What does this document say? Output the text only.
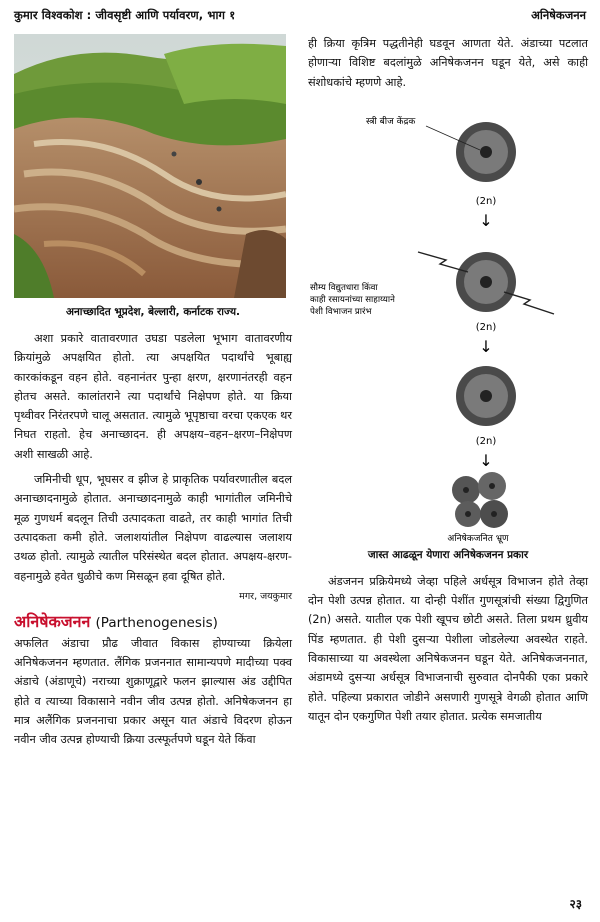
कुमार विश्वकोश : जीवसृष्टी आणि पर्यावरण, भाग १	अनिषेकजनन
अनाच्छादित भूप्रदेश, बेल्लारी, कर्नाटक राज्य.

अशा प्रकारे वातावरणात उघडा पडलेला भूभाग वातावरणीय क्रियांमुळे अपक्षयित होतो. त्या अपक्षयित पदार्थांचे भूबाह्य कारकांकडून वहन होते. वहनानंतर पुन्हा क्षरण, क्षरणानंतरही वहन होतच असते. कालांतराने त्या पदार्थांचे निक्षेपण होते. या क्रिया पृथ्वीवर निरंतरपणे चालू असतात. त्यामुळे भूपृष्ठाचा वरचा एकएक थर निघत राहतो. हेच अनाच्छादन. ही अपक्षय–वहन–क्षरण–निक्षेपण अशी साखळी आहे.

जमिनीची धूप, भूघसर व झीज हे प्राकृतिक पर्यावरणातील बदल अनाच्छादनामुळे होतात. अनाच्छादनामुळे काही भागांतील जमिनीचे मूळ गुणधर्म बदलून तिची उत्पादकता वाढते, तर काही भागांत तिची उत्पादकता कमी होते. जलाशयांतील निक्षेपण वाढल्यास जलाशय उथळ होतो. त्यामुळे त्यातील परिसंस्थेत बदल होतात. अपक्षय-क्षरण-वहनामुळे हवेत धुळीचे कण मिसळून हवा दूषित होते.

मगर, जयकुमार
अनिषेकजनन (Parthenogenesis)

अफलित अंडाचा प्रौढ जीवात विकास होण्याच्या क्रियेला अनिषेकजनन म्हणतात. लैंगिक प्रजननात सामान्यपणे मादीच्या पक्व अंडाचे (अंडाणूचे) नराच्या शुक्राणूद्वारे फलन झाल्यास अंड उद्दीपित होते व त्याच्या विकासाने नवीन जीव उत्पन्न होतो. अनिषेकजनन हा मात्र अलैंगिक प्रजननाचा प्रकार असून यात अंडाचे विदरण होऊन नवीन जीव उत्पन्न होण्याची क्रिया उत्स्फूर्तपणे घडून येते किंवा

ही क्रिया कृत्रिम पद्धतीनेही घडवून आणता येते. अंडाच्या पटलात होणाऱ्या विशिष्ट बदलांमुळे अनिषेकजनन घडून येते, असे काही संशोधकांचे म्हणणे आहे.

स्त्री बीज केंद्रक
(2n)
↓
सौम्य विद्युतधारा किंवा
काही रसायनांच्या साहाय्याने
पेशी विभाजन प्रारंभ
(2n)
↓
(2n)
↓
अनिषेकजनित भ्रूण
जास्त आढळून येणारा अनिषेकजनन प्रकार

अंडजनन प्रक्रियेमध्ये जेव्हा पहिले अर्धसूत्र विभाजन होते तेव्हा दोन पेशी उत्पन्न होतात. या दोन्ही पेशींत गुणसूत्रांची संख्या द्विगुणित (2n) असते. यातील एक पेशी खूपच छोटी असते. तिला प्रथम ध्रुवीय पिंड म्हणतात. ही पेशी दुसऱ्या पेशीला जोडलेल्या अवस्थेत राहते. विकासाच्या या अवस्थेला अनिषेकजनन घडून येते. अनिषेकजननात, अंडामध्ये दुसऱ्या अर्धसूत्र विभाजनाची सुरुवात दोनपैकी एका प्रकारे होते. पहिल्या प्रकारात जोडीने असणारी गुणसूत्रे वेगळी होतात आणि यातून दोन एकगुणित पेशी तयार होतात. प्रत्येक समजातीय

२३
